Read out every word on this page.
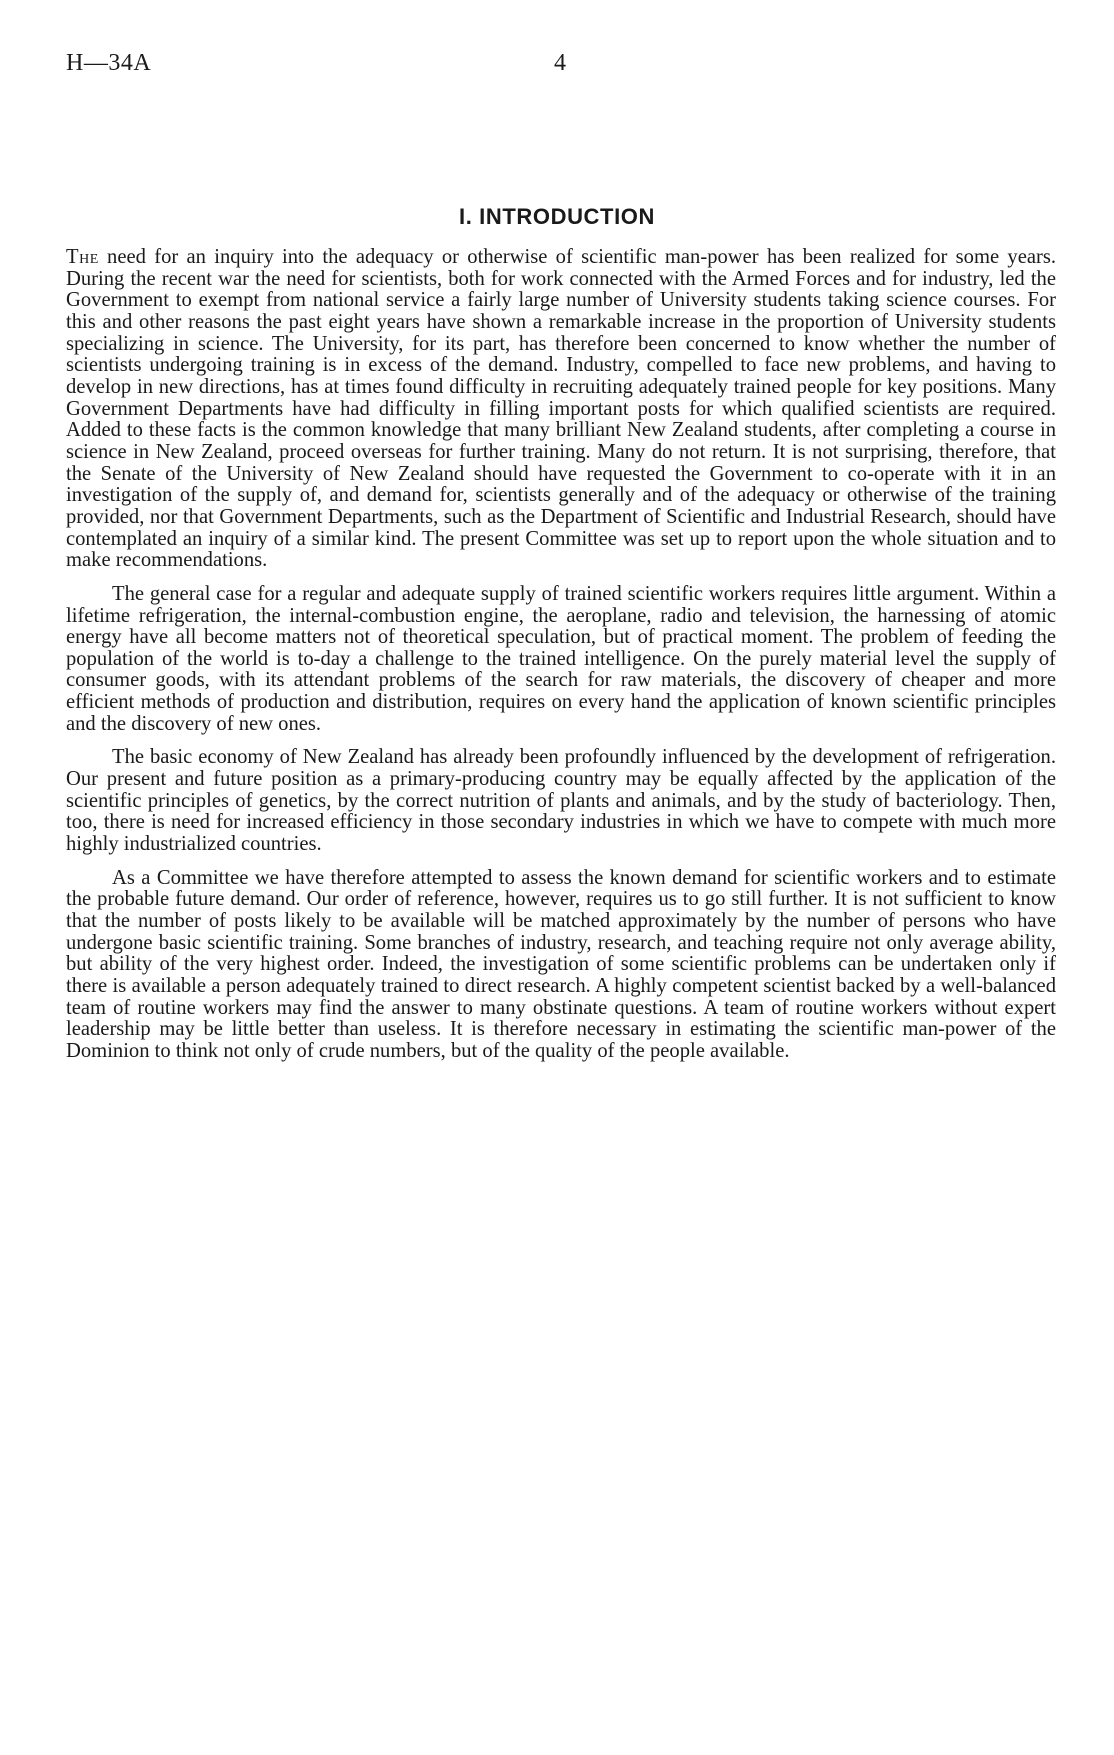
H—34A	4
I. INTRODUCTION

The need for an inquiry into the adequacy or otherwise of scientific man-power has been realized for some years. During the recent war the need for scientists, both for work connected with the Armed Forces and for industry, led the Government to exempt from national service a fairly large number of University students taking science courses. For this and other reasons the past eight years have shown a remarkable increase in the proportion of University students specializing in science. The University, for its part, has therefore been concerned to know whether the number of scientists undergoing training is in excess of the demand. Industry, compelled to face new problems, and having to develop in new directions, has at times found difficulty in recruiting adequately trained people for key positions. Many Government Departments have had difficulty in filling important posts for which qualified scientists are required. Added to these facts is the common knowledge that many brilliant New Zealand students, after completing a course in science in New Zealand, proceed overseas for further training. Many do not return. It is not surprising, therefore, that the Senate of the University of New Zealand should have requested the Government to co-operate with it in an investigation of the supply of, and demand for, scientists generally and of the adequacy or otherwise of the training provided, nor that Government Departments, such as the Department of Scientific and Industrial Research, should have contemplated an inquiry of a similar kind. The present Committee was set up to report upon the whole situation and to make recommendations.

The general case for a regular and adequate supply of trained scientific workers requires little argument. Within a lifetime refrigeration, the internal-combustion engine, the aeroplane, radio and television, the harnessing of atomic energy have all become matters not of theoretical speculation, but of practical moment. The problem of feeding the population of the world is to-day a challenge to the trained intelligence. On the purely material level the supply of consumer goods, with its attendant problems of the search for raw materials, the discovery of cheaper and more efficient methods of production and distribution, requires on every hand the application of known scientific principles and the discovery of new ones.

The basic economy of New Zealand has already been profoundly influenced by the development of refrigeration. Our present and future position as a primary-producing country may be equally affected by the application of the scientific principles of genetics, by the correct nutrition of plants and animals, and by the study of bacteriology. Then, too, there is need for increased efficiency in those secondary industries in which we have to compete with much more highly industrialized countries.

As a Committee we have therefore attempted to assess the known demand for scientific workers and to estimate the probable future demand. Our order of reference, however, requires us to go still further. It is not sufficient to know that the number of posts likely to be available will be matched approximately by the number of persons who have undergone basic scientific training. Some branches of industry, research, and teaching require not only average ability, but ability of the very highest order. Indeed, the investigation of some scientific problems can be undertaken only if there is available a person adequately trained to direct research. A highly competent scientist backed by a well-balanced team of routine workers may find the answer to many obstinate questions. A team of routine workers without expert leadership may be little better than useless. It is therefore necessary in estimating the scientific man-power of the Dominion to think not only of crude numbers, but of the quality of the people available.
